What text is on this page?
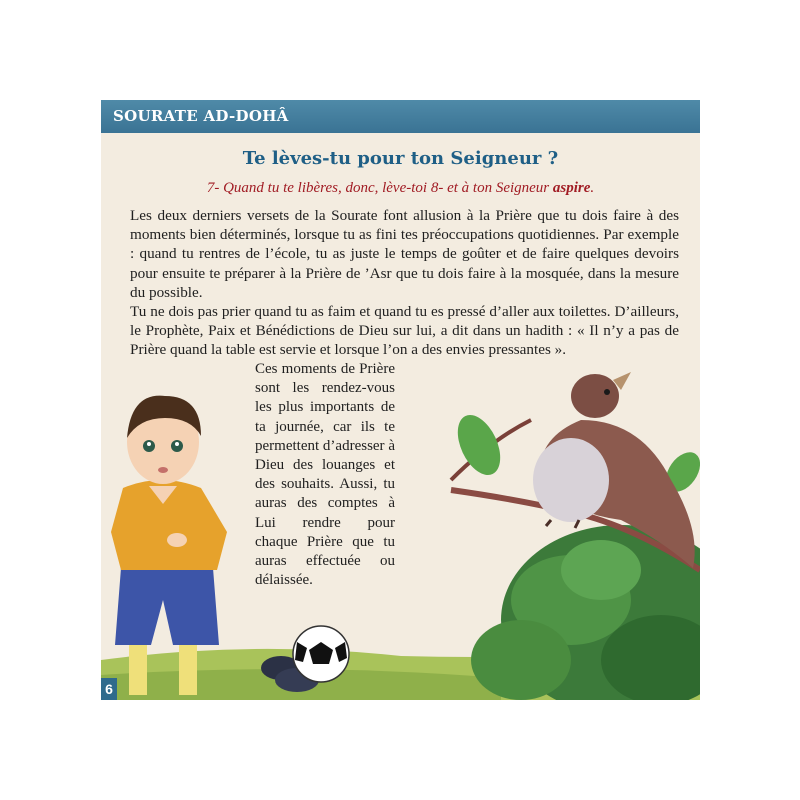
SOURATE AD-DOHÂ
Te lèves-tu pour ton Seigneur ?
7- Quand tu te libères, donc, lève-toi 8- et à ton Seigneur aspire.

Les deux derniers versets de la Sourate font allusion à la Prière que tu dois faire à des moments bien déterminés, lorsque tu as fini tes préoccupations quotidiennes. Par exemple : quand tu rentres de l’école, tu as juste le temps de goûter et de faire quelques devoirs pour ensuite te préparer à la Prière de ’Asr que tu dois faire à la mosquée, dans la mesure du possible.

Tu ne dois pas prier quand tu as faim et quand tu es pressé d’aller aux toilettes. D’ailleurs, le Prophète, Paix et Bénédictions de Dieu sur lui, a dit dans un hadith : « Il n’y a pas de Prière quand la table est servie et lorsque l’on a des envies pressantes ».

Ces moments de Prière sont les rendez-vous les plus importants de ta journée, car ils te permettent d’adresser à Dieu des louanges et des souhaits. Aussi, tu auras des comptes à Lui rendre pour chaque Prière que tu auras effectuée ou délaissée.
6
